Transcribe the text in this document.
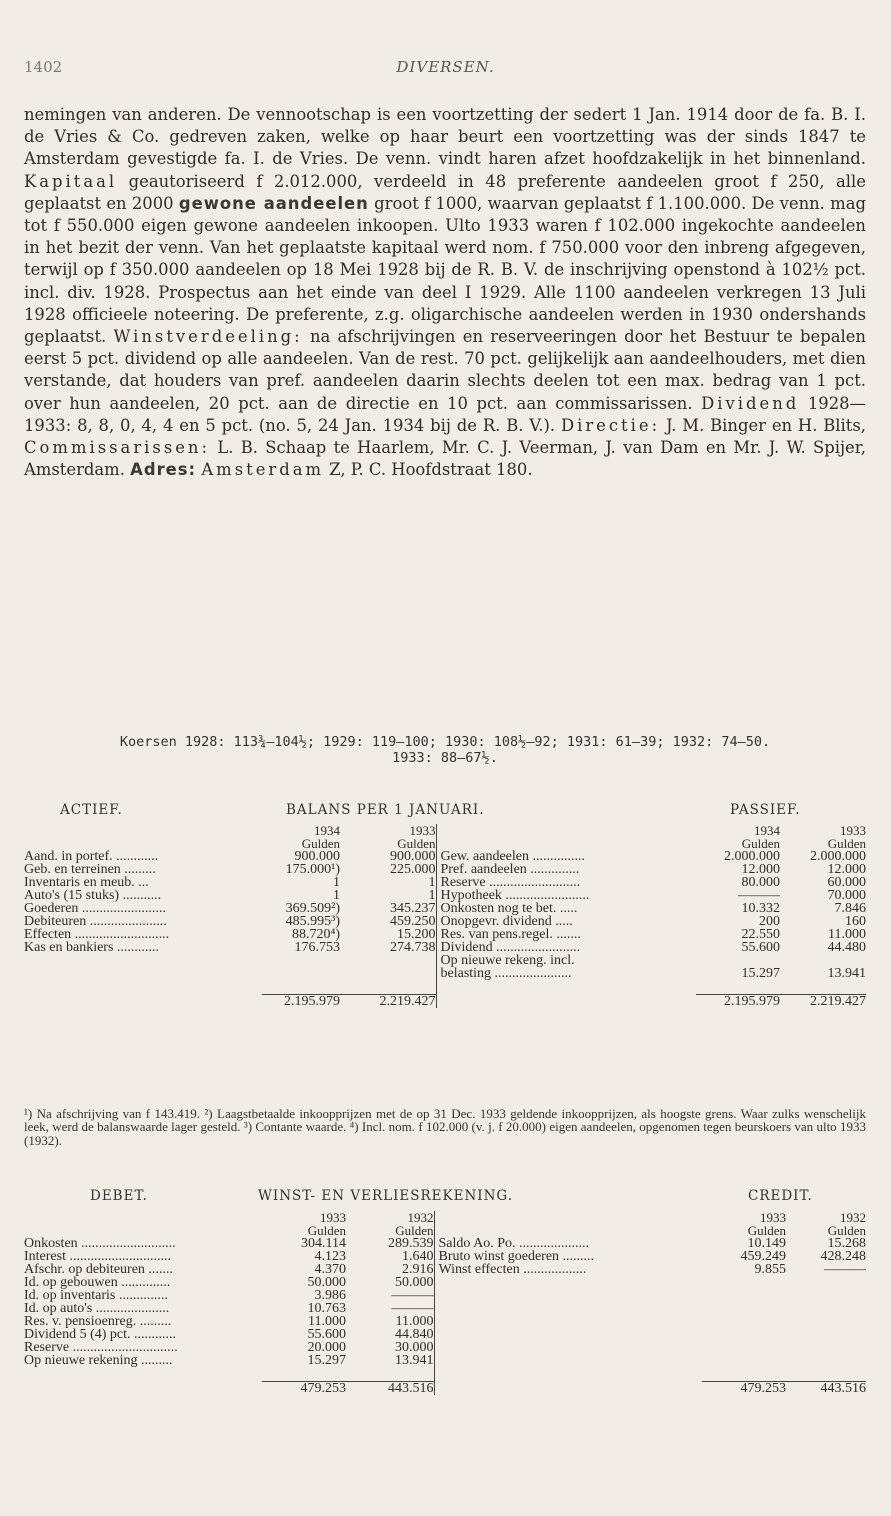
1402	DIVERSEN.
nemingen van anderen. De vennootschap is een voortzetting der sedert 1 Jan. 1914 door de fa. B. I. de Vries & Co. gedreven zaken, welke op haar beurt een voortzetting was der sinds 1847 te Amsterdam gevestigde fa. I. de Vries. De venn. vindt haren afzet hoofdzakelijk in het binnenland. Kapitaal geautoriseerd f 2.012.000, verdeeld in 48 preferente aandeelen groot f 250, alle geplaatst en 2000 gewone aandeelen groot f 1000, waarvan geplaatst f 1.100.000. De venn. mag tot f 550.000 eigen gewone aandeelen inkoopen. Ulto 1933 waren f 102.000 ingekochte aandeelen in het bezit der venn. Van het geplaatste kapitaal werd nom. f 750.000 voor den inbreng afgegeven, terwijl op f 350.000 aandeelen op 18 Mei 1928 bij de R. B. V. de inschrijving openstond à 102½ pct. incl. div. 1928. Prospectus aan het einde van deel I 1929. Alle 1100 aandeelen verkregen 13 Juli 1928 officieele noteering. De preferente, z.g. oligarchische aandeelen werden in 1930 ondershands geplaatst. Winstverdeeling: na afschrijvingen en reserveeringen door het Bestuur te bepalen eerst 5 pct. dividend op alle aandeelen. Van de rest. 70 pct. gelijkelijk aan aandeelhouders, met dien verstande, dat houders van pref. aandeelen daarin slechts deelen tot een max. bedrag van 1 pct. over hun aandeelen, 20 pct. aan de directie en 10 pct. aan commissarissen. Dividend 1928—1933: 8, 8, 0, 4, 4 en 5 pct. (no. 5, 24 Jan. 1934 bij de R. B. V.). Directie: J. M. Binger en H. Blits, Commissarissen: L. B. Schaap te Haarlem, Mr. C. J. Veerman, J. van Dam en Mr. J. W. Spijer, Amsterdam. Adres: Amsterdam Z, P. C. Hoofdstraat 180.
Koersen 1928: 113¾—104½; 1929: 119—100; 1930: 108½—92; 1931: 61—39; 1932: 74—50.
1933: 88—67½.
ACTIEF.	BALANS PER 1 JANUARI.	PASSIEF.
	1934	1933		1934	1933
	Gulden	Gulden		Gulden	Gulden
Aand. in portef. ............	900.000	900.000	Gew. aandeelen ...............	2.000.000	2.000.000
Geb. en terreinen .........	175.000¹)	225.000	Pref. aandeelen ..............	12.000	12.000
Inventaris en meub. ...	1	1	Reserve ..........................	80.000	60.000
Auto's (15 stuks) ...........	1	1	Hypotheek ........................	———	70.000
Goederen ........................	369.509²)	345.237	Onkosten nog te bet. .....	10.332	7.846
Debiteuren ......................	485.995³)	459.250	Onopgevr. dividend .....	200	160
Effecten ...........................	88.720⁴)	15.200	Res. van pens.regel. .......	22.550	11.000
Kas en bankiers ............	176.753	274.738	Dividend ........................	55.600	44.480
			Op nieuwe rekeng. incl.		
			belasting ......................	15.297	13.941

	2.195.979	2.219.427		2.195.979	2.219.427
¹) Na afschrijving van f 143.419. ²) Laagstbetaalde inkoopprijzen met de op 31 Dec. 1933 geldende inkoopprijzen, als hoogste grens. Waar zulks wenschelijk leek, werd de balanswaarde lager gesteld. ³) Contante waarde. ⁴) Incl. nom. f 102.000 (v. j. f 20.000) eigen aandeelen, opgenomen tegen beurskoers van ulto 1933 (1932).
DEBET.	WINST- EN VERLIESREKENING.	CREDIT.
	1933	1932		1933	1932
	Gulden	Gulden		Gulden	Gulden
Onkosten ...........................	304.114	289.539	Saldo Ao. Po. ....................	10.149	15.268
Interest .............................	4.123	1.640	Bruto winst goederen .........	459.249	428.248
Afschr. op debiteuren .......	4.370	2.916	Winst effecten ..................	9.855	———
Id. op gebouwen ..............	50.000	50.000			
Id. op inventaris ..............	3.986	———			
Id. op auto's .....................	10.763	———			
Res. v. pensioenreg. .........	11.000	11.000			
Dividend 5 (4) pct. ............	55.600	44.840			
Reserve ..............................	20.000	30.000			
Op nieuwe rekening .........	15.297	13.941			

	479.253	443.516		479.253	443.516
